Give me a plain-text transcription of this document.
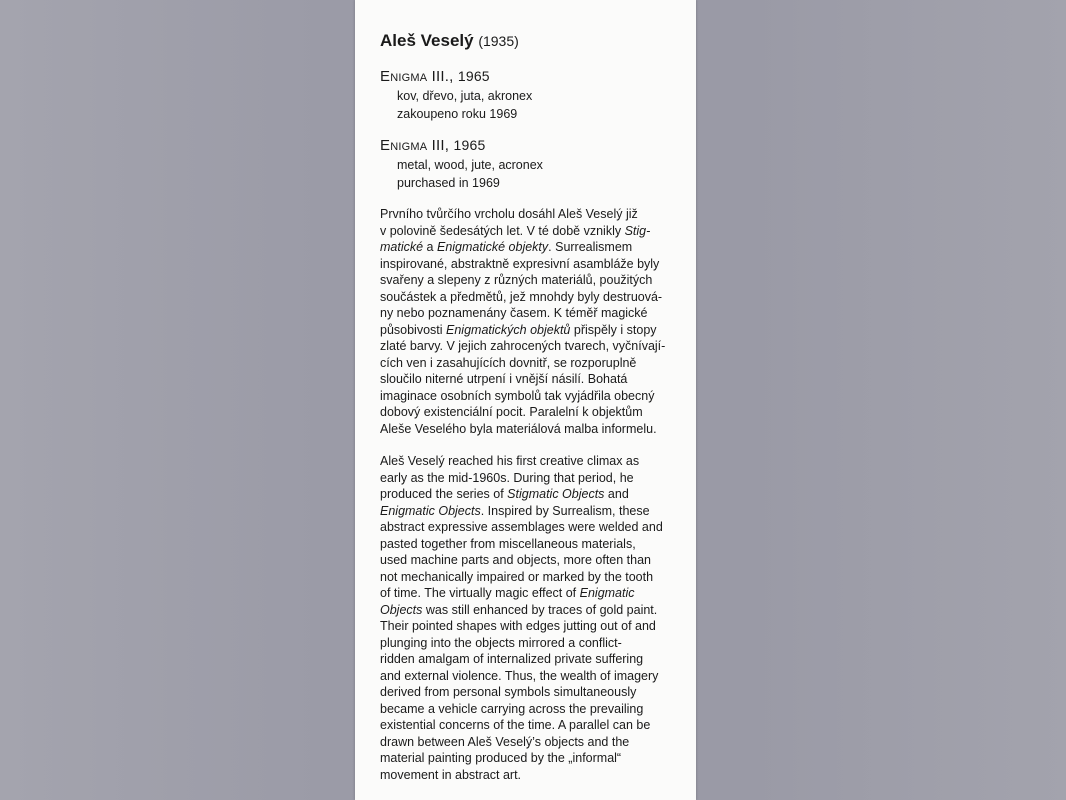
Aleš Veselý (1935)
Enigma III., 1965
kov, dřevo, juta, akronex
zakoupeno roku 1969
Enigma III, 1965
metal, wood, jute, acronex
purchased in 1969
Prvního tvůrčího vrcholu dosáhl Aleš Veselý již
v polovině šedesátých let. V té době vznikly Stig-
matické a Enigmatické objekty. Surrealismem
inspirované, abstraktně expresivní asambláže byly
svařeny a slepeny z různých materiálů, použitých
součástek a předmětů, jež mnohdy byly destruová-
ny nebo poznamenány časem. K téměř magické
působivosti Enigmatických objektů přispěly i stopy
zlaté barvy. V jejich zahrocených tvarech, vyčnívají-
cích ven i zasahujících dovnitř, se rozporuplně
sloučilo niterné utrpení i vnější násilí. Bohatá
imaginace osobních symbolů tak vyjádřila obecný
dobový existenciální pocit. Paralelní k objektům
Aleše Veselého byla materiálová malba informelu.
Aleš Veselý reached his first creative climax as
early as the mid-1960s. During that period, he
produced the series of Stigmatic Objects and
Enigmatic Objects. Inspired by Surrealism, these
abstract expressive assemblages were welded and
pasted together from miscellaneous materials,
used machine parts and objects, more often than
not mechanically impaired or marked by the tooth
of time. The virtually magic effect of Enigmatic
Objects was still enhanced by traces of gold paint.
Their pointed shapes with edges jutting out of and
plunging into the objects mirrored a conflict-
ridden amalgam of internalized private suffering
and external violence. Thus, the wealth of imagery
derived from personal symbols simultaneously
became a vehicle carrying across the prevailing
existential concerns of the time. A parallel can be
drawn between Aleš Veselý’s objects and the
material painting produced by the „informal“
movement in abstract art.
